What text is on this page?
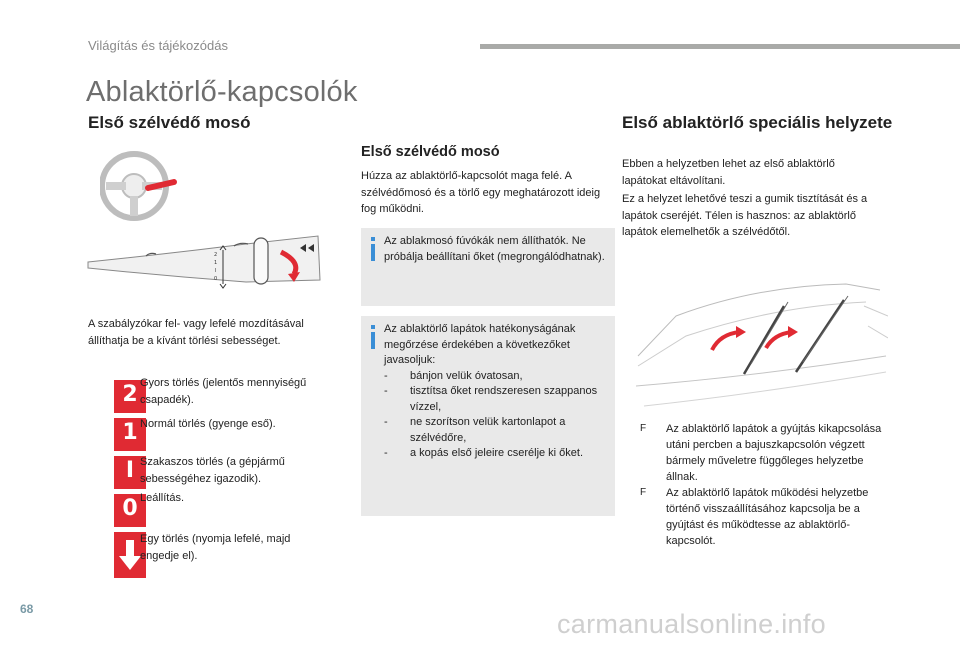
Világítás és tájékozódás
Ablaktörlő-kapcsolók
Első szélvédő mosó
2
1
I
0

A szabályzókar fel- vagy lefelé mozdításával állíthatja be a kívánt törlési sebességet.

2 Gyors törlés (jelentős mennyiségű csapadék).
1 Normál törlés (gyenge eső).
I Szakaszos törlés (a gépjármű sebességéhez igazodik).
0 Leállítás.
Egy törlés (nyomja lefelé, majd engedje el).
Első szélvédő mosó

Húzza az ablaktörlő-kapcsolót maga felé. A szélvédőmosó és a törlő egy meghatározott ideig fog működni.

Az ablakmosó fúvókák nem állíthatók. Ne próbálja beállítani őket (megrongálódhatnak).
Az ablaktörlő lapátok hatékonyságának megőrzése érdekében a következőket javasoljuk:
- bánjon velük óvatosan,
- tisztítsa őket rendszeresen szappanos vízzel,
- ne szorítson velük kartonlapot a szélvédőre,
- a kopás első jeleire cserélje ki őket.
Első ablaktörlő speciális helyzete

Ebben a helyzetben lehet az első ablaktörlő lapátokat eltávolítani.

Ez a helyzet lehetővé teszi a gumik tisztítását és a lapátok cseréjét. Télen is hasznos: az ablaktörlő lapátok elemelhetők a szélvédőtől.

F Az ablaktörlő lapátok a gyújtás kikapcsolása utáni percben a bajuszkapcsolón végzett bármely műveletre függőleges helyzetbe állnak.
F Az ablaktörlő lapátok működési helyzetbe történő visszaállításához kapcsolja be a gyújtást és működtesse az ablaktörlő-kapcsolót.
68	carmanualsonline.info
